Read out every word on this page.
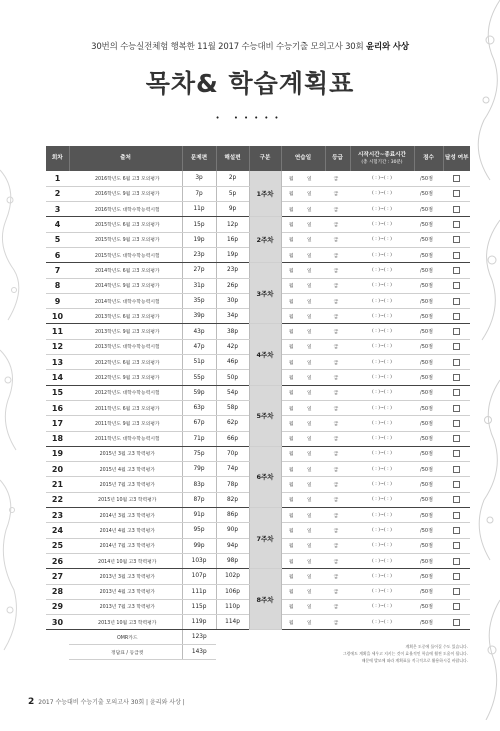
30번의 수능실전체험 행복한 11월 2017 수능대비 수능기출 모의고사 30회 윤리와 사상
목차& 학습계획표
• •••••
회차	출처	문제편	해설편	구분	연습일	등급	시작시간~종료시간
(총 시험기간 : 30분)	점수	달성 여부
1	2016학년도 6월 고3 모의평가	3p	2p	1주차	월 일	급	( : )~( : )	/50점	
2	2016학년도 9월 고3 모의평가	7p	5p		월 일	급	( : )~( : )	/50점	
3	2016학년도 대학수학능력시험	11p	9p		월 일	급	( : )~( : )	/50점	
4	2015학년도 6월 고3 모의평가	15p	12p	2주차	월 일	급	( : )~( : )	/50점	
5	2015학년도 9월 고3 모의평가	19p	16p		월 일	급	( : )~( : )	/50점	
6	2015학년도 대학수학능력시험	23p	19p		월 일	급	( : )~( : )	/50점	
7	2014학년도 6월 고3 모의평가	27p	23p	3주차	월 일	급	( : )~( : )	/50점	
8	2014학년도 9월 고3 모의평가	31p	26p		월 일	급	( : )~( : )	/50점	
9	2014학년도 대학수학능력시험	35p	30p		월 일	급	( : )~( : )	/50점	
10	2013학년도 6월 고3 모의평가	39p	34p		월 일	급	( : )~( : )	/50점	
11	2013학년도 9월 고3 모의평가	43p	38p	4주차	월 일	급	( : )~( : )	/50점	
12	2013학년도 대학수학능력시험	47p	42p		월 일	급	( : )~( : )	/50점	
13	2012학년도 6월 고3 모의평가	51p	46p		월 일	급	( : )~( : )	/50점	
14	2012학년도 9월 고3 모의평가	55p	50p		월 일	급	( : )~( : )	/50점	
15	2012학년도 대학수학능력시험	59p	54p	5주차	월 일	급	( : )~( : )	/50점	
16	2011학년도 6월 고3 모의평가	63p	58p		월 일	급	( : )~( : )	/50점	
17	2011학년도 9월 고3 모의평가	67p	62p		월 일	급	( : )~( : )	/50점	
18	2011학년도 대학수학능력시험	71p	66p		월 일	급	( : )~( : )	/50점	
19	2015년 3월 고3 학력평가	75p	70p	6주차	월 일	급	( : )~( : )	/50점	
20	2015년 4월 고3 학력평가	79p	74p		월 일	급	( : )~( : )	/50점	
21	2015년 7월 고3 학력평가	83p	78p		월 일	급	( : )~( : )	/50점	
22	2015년 10월 고3 학력평가	87p	82p		월 일	급	( : )~( : )	/50점	
23	2014년 3월 고3 학력평가	91p	86p	7주차	월 일	급	( : )~( : )	/50점	
24	2014년 4월 고3 학력평가	95p	90p		월 일	급	( : )~( : )	/50점	
25	2014년 7월 고3 학력평가	99p	94p		월 일	급	( : )~( : )	/50점	
26	2014년 10월 고3 학력평가	103p	98p		월 일	급	( : )~( : )	/50점	
27	2013년 3월 고3 학력평가	107p	102p	8주차	월 일	급	( : )~( : )	/50점	
28	2013년 4월 고3 학력평가	111p	106p		월 일	급	( : )~( : )	/50점	
29	2013년 7월 고3 학력평가	115p	110p		월 일	급	( : )~( : )	/50점	
30	2013년 10월 고3 학력평가	119p	114p		월 일	급	( : )~( : )	/50점	
	OMR카드	123p							
	정답표 / 등급컷	143p							
계획은 도중에 틀어질 수도 있습니다.
그럼에도 계획을 세우고 지키는 것이 효율적인 학습에 훨씬 도움이 됩니다.
때문에 발모에 따라 계획표를 적극적으로 활용하시길 바랍니다.
2 2017 수능대비 수능기출 모의고사 30회 | 윤리와 사상 |
